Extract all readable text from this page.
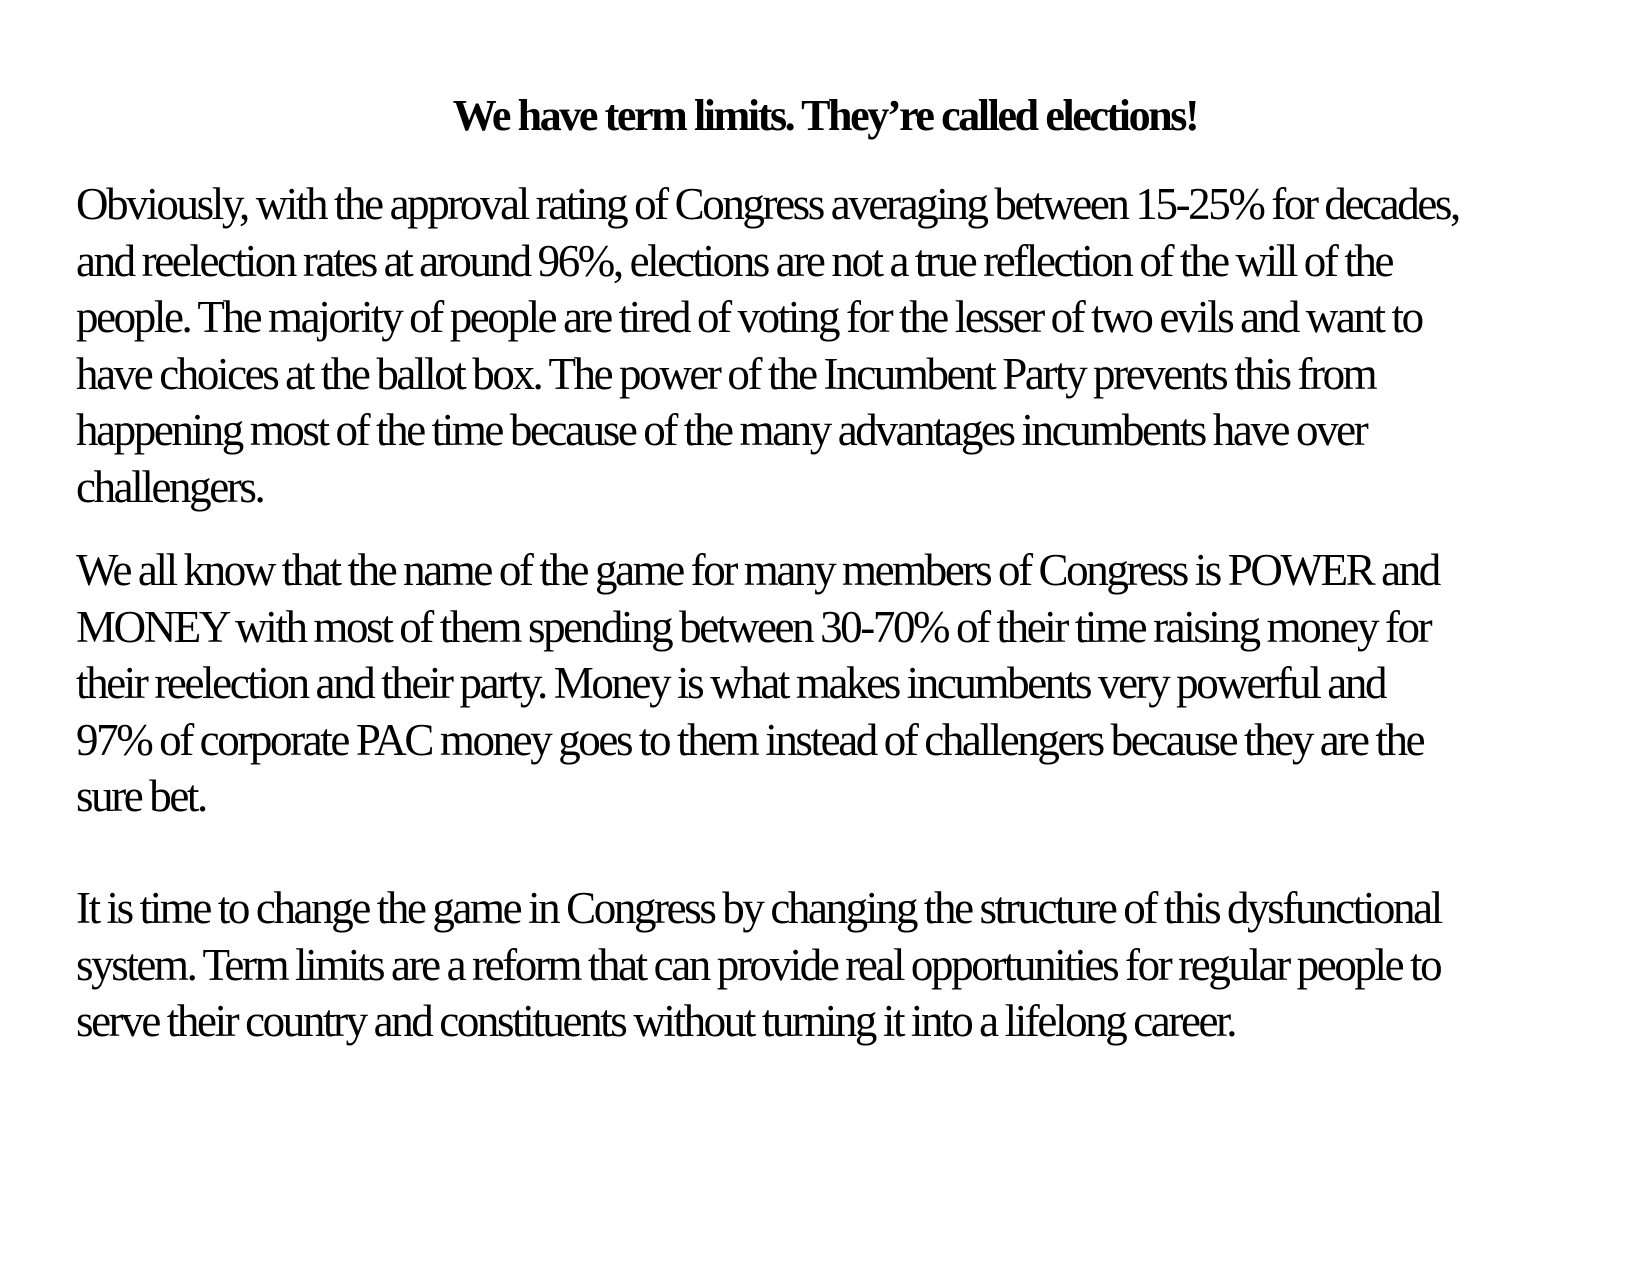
We have term limits. They’re called elections!

Obviously, with the approval rating of Congress averaging between 15-25% for decades,
and reelection rates at around 96%, elections are not a true reflection of the will of the
people. The majority of people are tired of voting for the lesser of two evils and want to
have choices at the ballot box. The power of the Incumbent Party prevents this from
happening most of the time because of the many advantages incumbents have over
challengers.

We all know that the name of the game for many members of Congress is POWER and
MONEY with most of them spending between 30-70% of their time raising money for
their reelection and their party. Money is what makes incumbents very powerful and
97% of corporate PAC money goes to them instead of challengers because they are the
sure bet.

It is time to change the game in Congress by changing the structure of this dysfunctional
system. Term limits are a reform that can provide real opportunities for regular people to
serve their country and constituents without turning it into a lifelong career.
